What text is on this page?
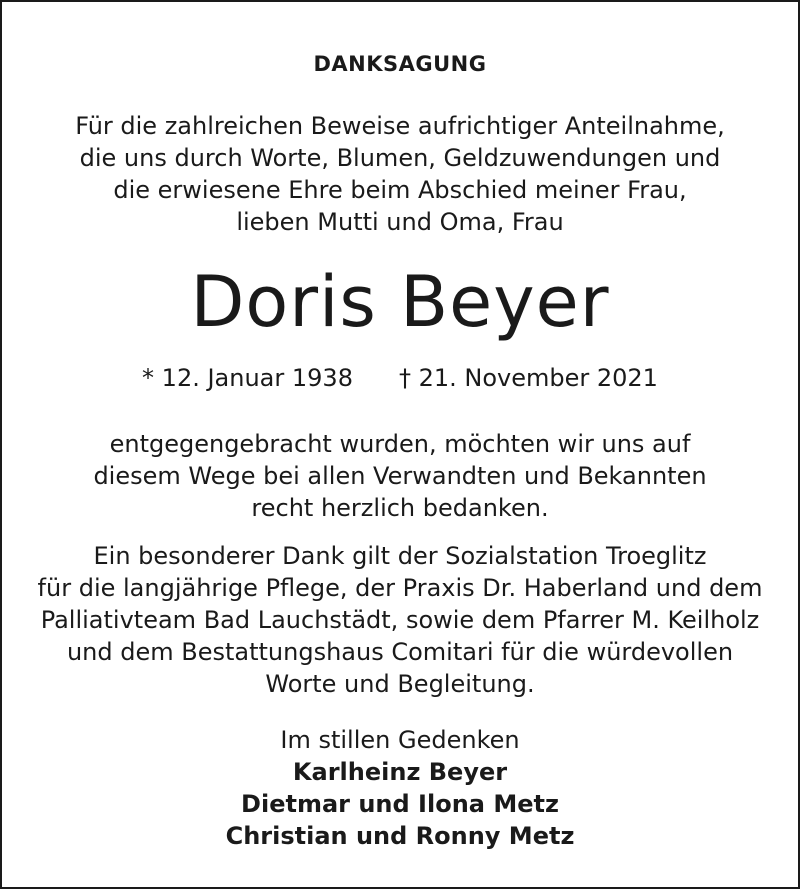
DANKSAGUNG
Für die zahlreichen Beweise aufrichtiger Anteilnahme,
die uns durch Worte, Blumen, Geldzuwendungen und
die erwiesene Ehre beim Abschied meiner Frau,
lieben Mutti und Oma, Frau
Doris Beyer
* 12. Januar 1938 † 21. November 2021
entgegengebracht wurden, möchten wir uns auf
diesem Wege bei allen Verwandten und Bekannten
recht herzlich bedanken.
Ein besonderer Dank gilt der Sozialstation Troeglitz
für die langjährige Pflege, der Praxis Dr. Haberland und dem
Palliativteam Bad Lauchstädt, sowie dem Pfarrer M. Keilholz
und dem Bestattungshaus Comitari für die würdevollen
Worte und Begleitung.
Im stillen Gedenken
Karlheinz Beyer
Dietmar und Ilona Metz
Christian und Ronny Metz
